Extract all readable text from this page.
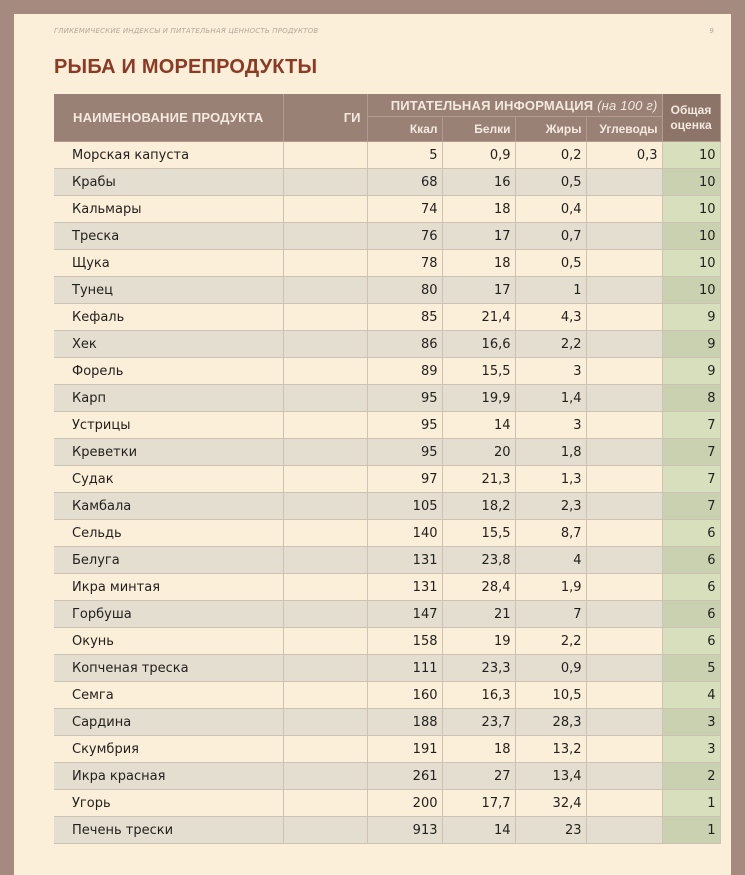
ГЛИКЕМИЧЕСКИЕ ИНДЕКСЫ И ПИТАТЕЛЬНАЯ ЦЕННОСТЬ ПРОДУКТОВ	9
РЫБА И МОРЕПРОДУКТЫ
НАИМЕНОВАНИЕ ПРОДУКТА	ГИ	ПИТАТЕЛЬНАЯ ИНФОРМАЦИЯ (на 100 г)				Общая оценка
		Ккал	Белки	Жиры	Углеводы	
Морская капуста		5	0,9	0,2	0,3	10
Крабы		68	16	0,5		10
Кальмары		74	18	0,4		10
Треска		76	17	0,7		10
Щука		78	18	0,5		10
Тунец		80	17	1		10
Кефаль		85	21,4	4,3		9
Хек		86	16,6	2,2		9
Форель		89	15,5	3		9
Карп		95	19,9	1,4		8
Устрицы		95	14	3		7
Креветки		95	20	1,8		7
Судак		97	21,3	1,3		7
Камбала		105	18,2	2,3		7
Сельдь		140	15,5	8,7		6
Белуга		131	23,8	4		6
Икра минтая		131	28,4	1,9		6
Горбуша		147	21	7		6
Окунь		158	19	2,2		6
Копченая треска		111	23,3	0,9		5
Семга		160	16,3	10,5		4
Сардина		188	23,7	28,3		3
Скумбрия		191	18	13,2		3
Икра красная		261	27	13,4		2
Угорь		200	17,7	32,4		1
Печень трески		913	14	23		1
